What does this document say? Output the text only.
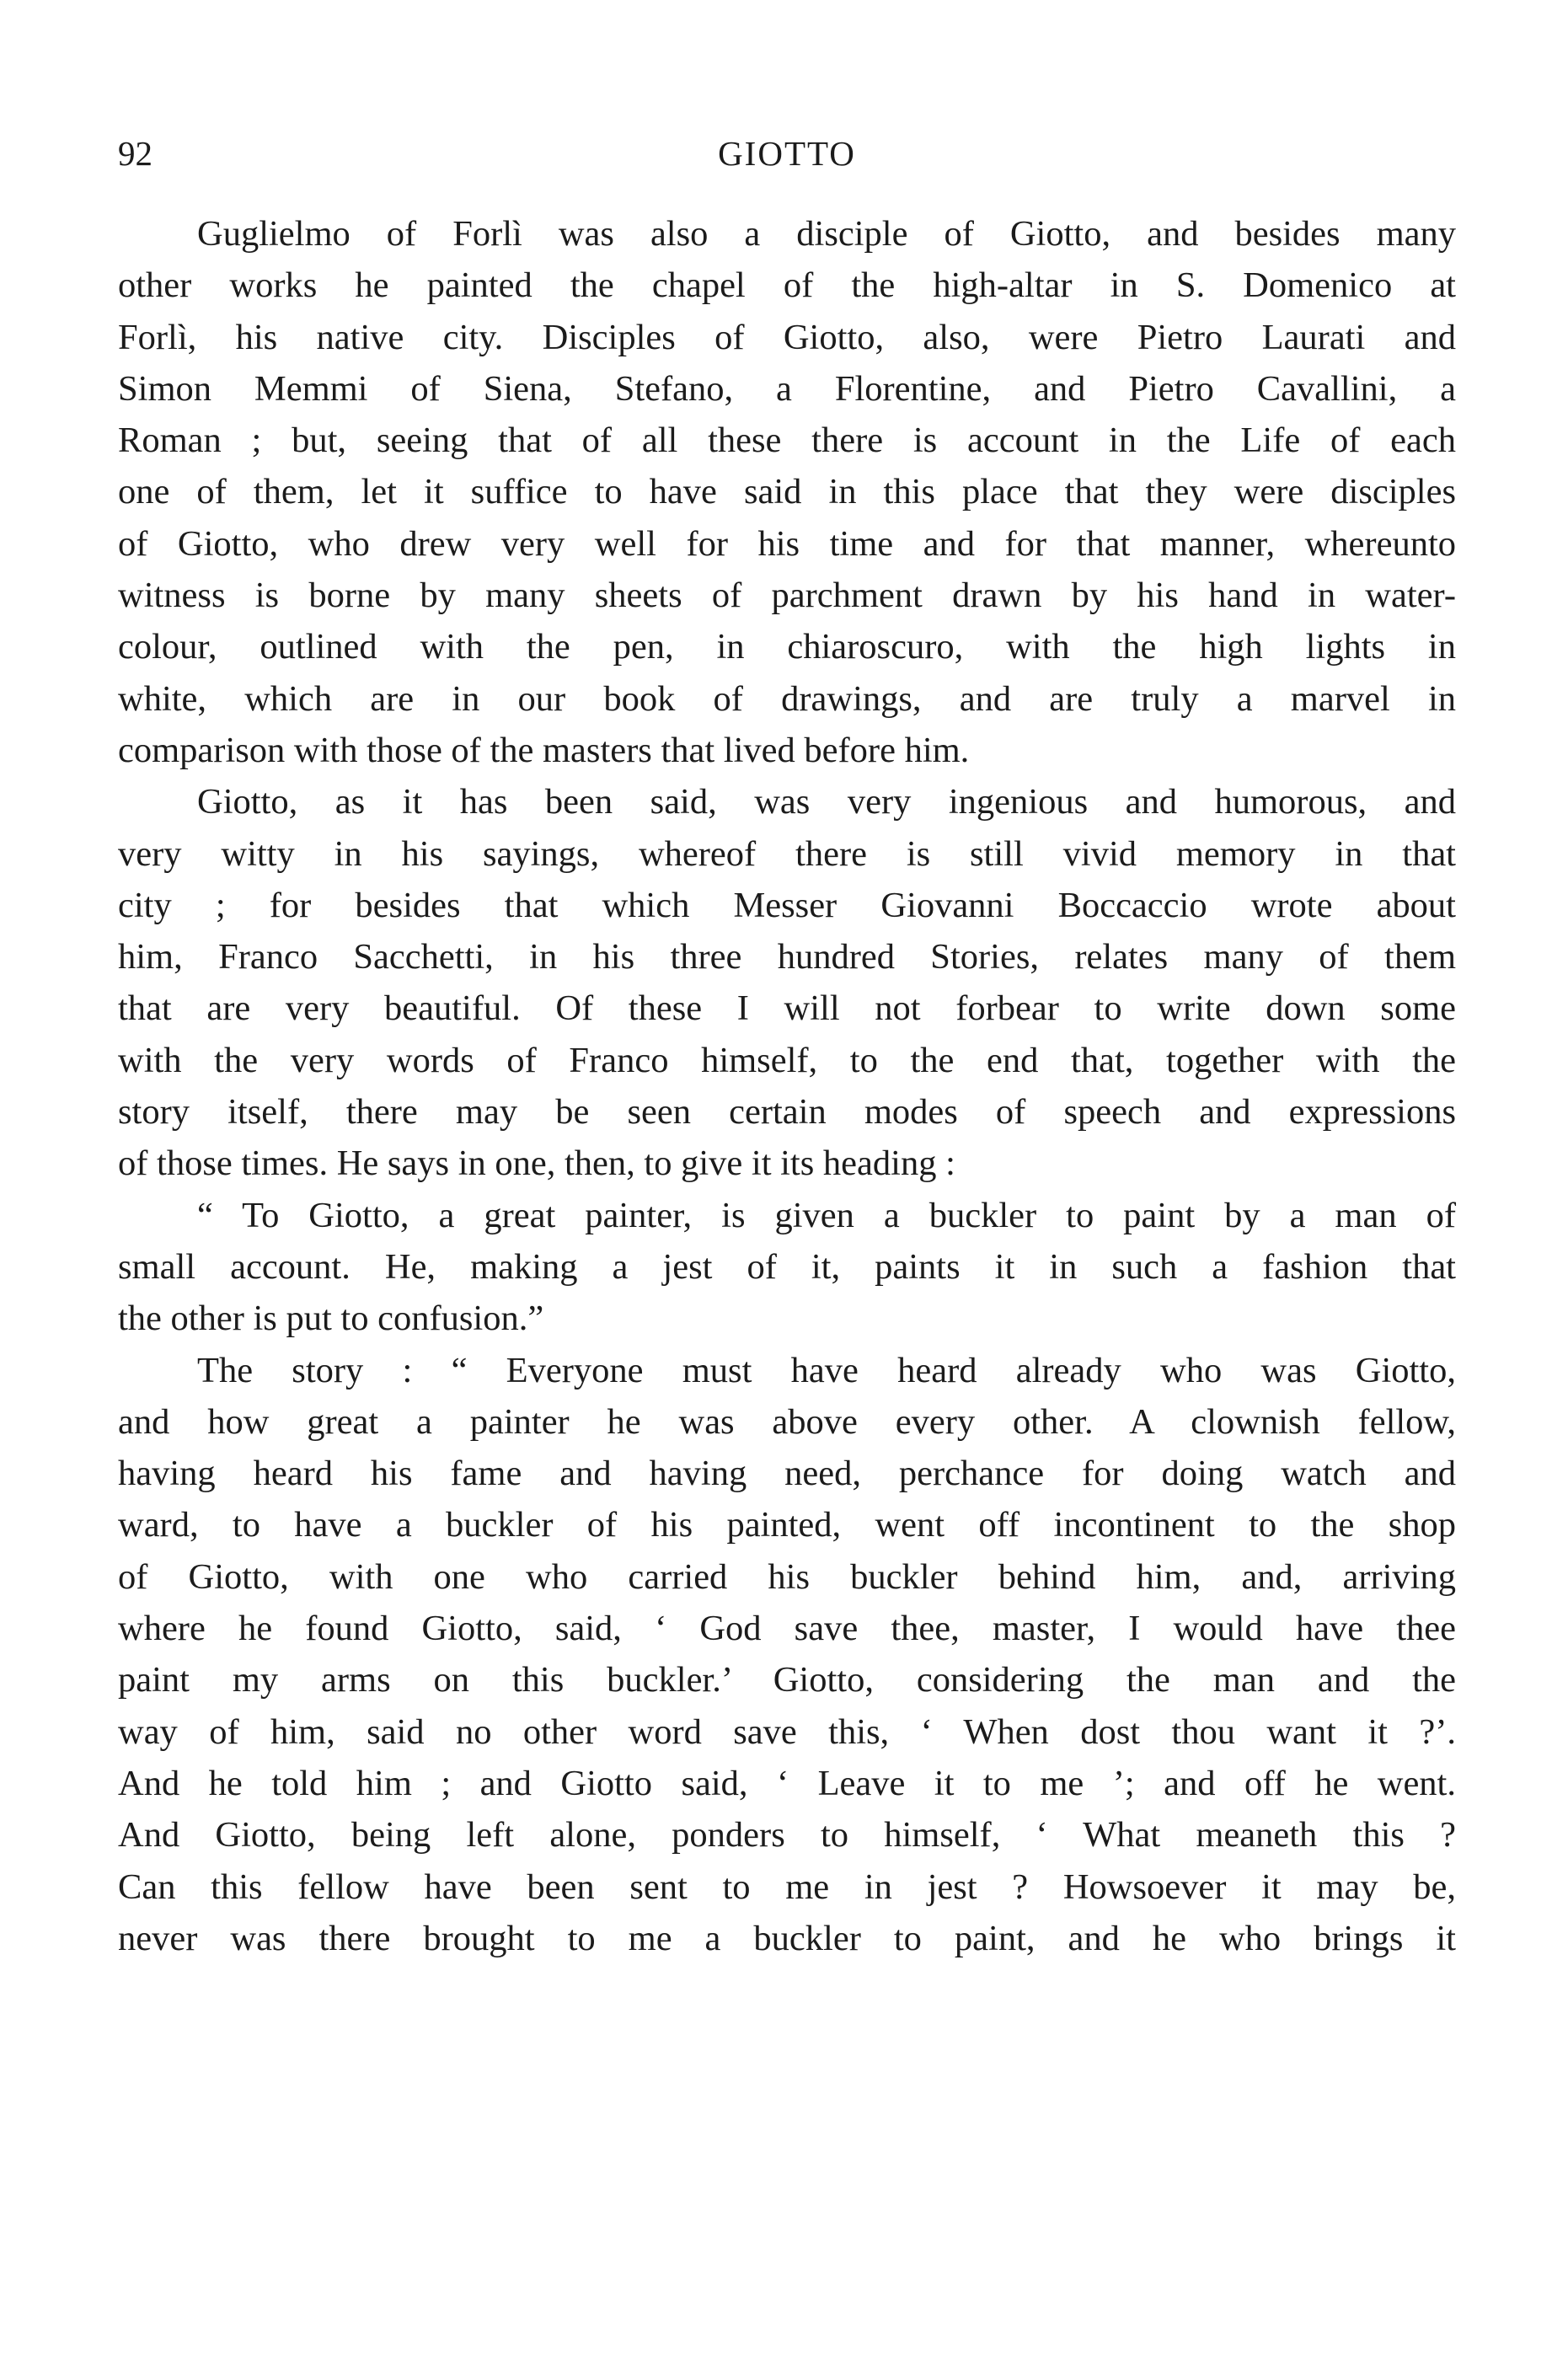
92	GIOTTO
Guglielmo of Forlì was also a disciple of Giotto, and besides many
other works he painted the chapel of the high-altar in S. Domenico at
Forlì, his native city. Disciples of Giotto, also, were Pietro Laurati and
Simon Memmi of Siena, Stefano, a Florentine, and Pietro Cavallini, a
Roman ; but, seeing that of all these there is account in the Life of each
one of them, let it suffice to have said in this place that they were disciples
of Giotto, who drew very well for his time and for that manner, whereunto
witness is borne by many sheets of parchment drawn by his hand in water-
colour, outlined with the pen, in chiaroscuro, with the high lights in
white, which are in our book of drawings, and are truly a marvel in
comparison with those of the masters that lived before him.
Giotto, as it has been said, was very ingenious and humorous, and
very witty in his sayings, whereof there is still vivid memory in that
city ; for besides that which Messer Giovanni Boccaccio wrote about
him, Franco Sacchetti, in his three hundred Stories, relates many of them
that are very beautiful. Of these I will not forbear to write down some
with the very words of Franco himself, to the end that, together with the
story itself, there may be seen certain modes of speech and expressions
of those times. He says in one, then, to give it its heading :
“ To Giotto, a great painter, is given a buckler to paint by a man of
small account. He, making a jest of it, paints it in such a fashion that
the other is put to confusion.”
The story : “ Everyone must have heard already who was Giotto,
and how great a painter he was above every other. A clownish fellow,
having heard his fame and having need, perchance for doing watch and
ward, to have a buckler of his painted, went off incontinent to the shop
of Giotto, with one who carried his buckler behind him, and, arriving
where he found Giotto, said, ‘ God save thee, master, I would have thee
paint my arms on this buckler.’ Giotto, considering the man and the
way of him, said no other word save this, ‘ When dost thou want it ?’.
And he told him ; and Giotto said, ‘ Leave it to me ’; and off he went.
And Giotto, being left alone, ponders to himself, ‘ What meaneth this ?
Can this fellow have been sent to me in jest ? Howsoever it may be,
never was there brought to me a buckler to paint, and he who brings it
